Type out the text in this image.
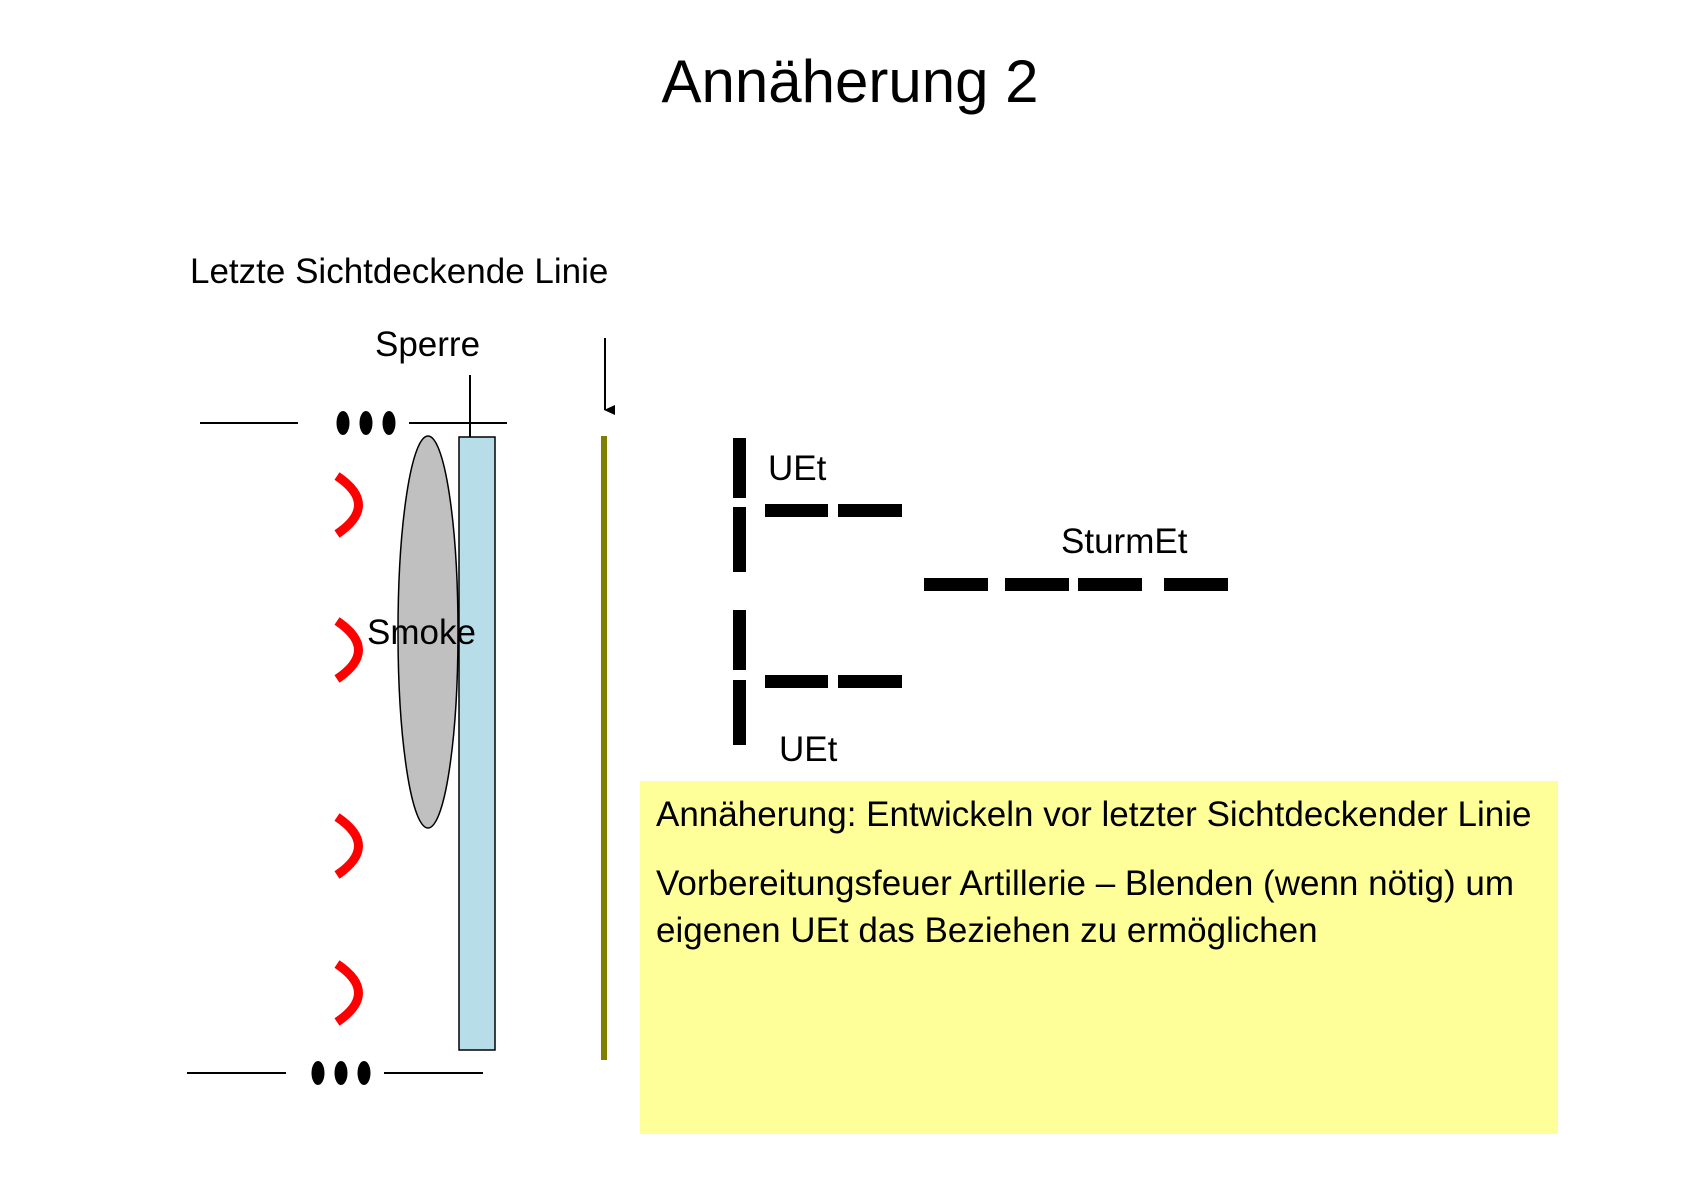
Annäherung 2
Letzte Sichtdeckende Linie
Sperre
Smoke
UEt
UEt
SturmEt

Annäherung: Entwickeln vor letzter Sichtdeckender Linie

Vorbereitungsfeuer Artillerie – Blenden (wenn nötig) um eigenen UEt das Beziehen zu ermöglichen
